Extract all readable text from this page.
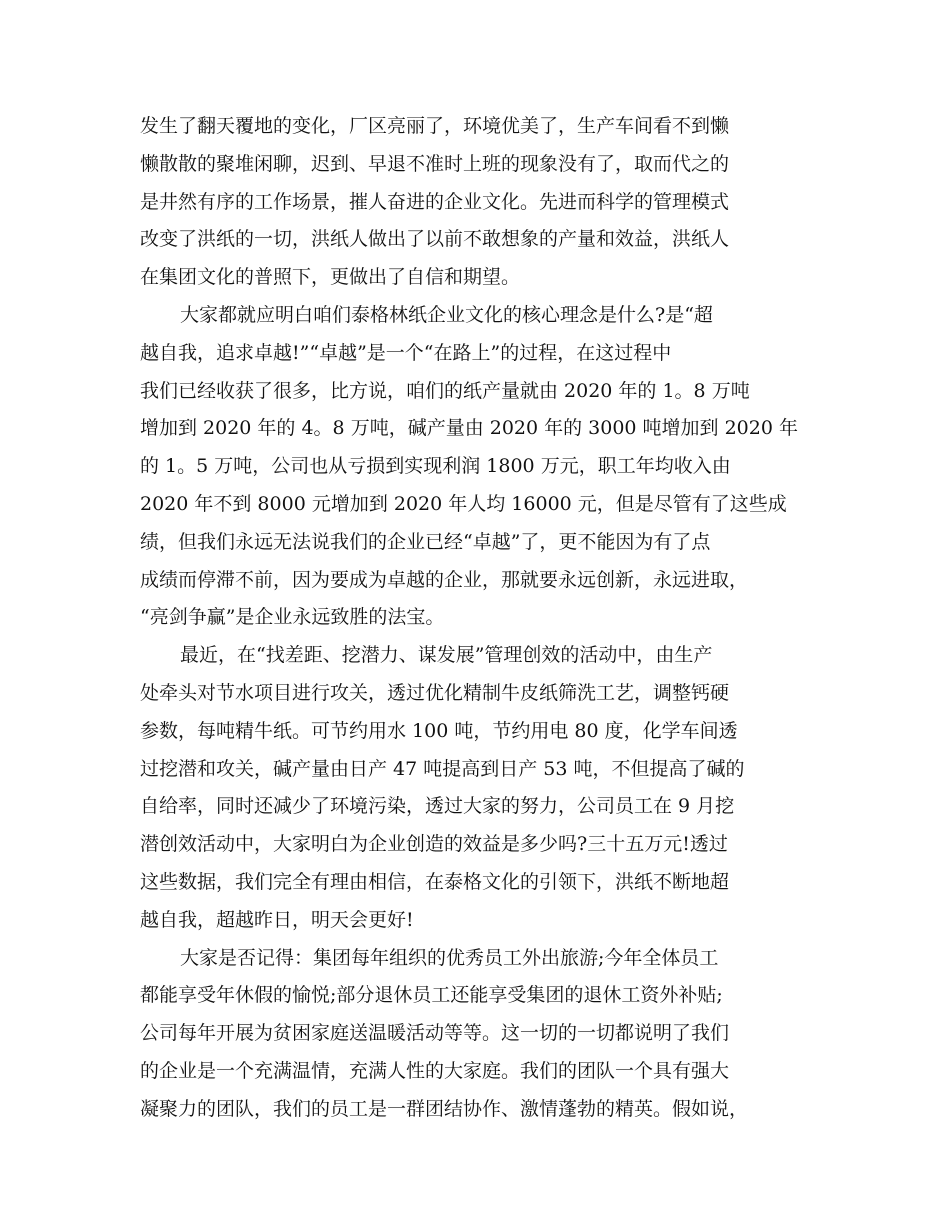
发生了翻天覆地的变化，厂区亮丽了，环境优美了，生产车间看不到懒
懒散散的聚堆闲聊，迟到、早退不准时上班的现象没有了，取而代之的
是井然有序的工作场景，摧人奋进的企业文化。先进而科学的管理模式
改变了洪纸的一切，洪纸人做出了以前不敢想象的产量和效益，洪纸人
在集团文化的普照下，更做出了自信和期望。
大家都就应明白咱们泰格林纸企业文化的核心理念是什么?是“超
越自我，追求卓越!”“卓越”是一个“在路上”的过程，在这过程中
我们已经收获了很多，比方说，咱们的纸产量就由 2020 年的 1。8 万吨
增加到 2020 年的 4。8 万吨，碱产量由 2020 年的 3000 吨增加到 2020 年
的 1。5 万吨，公司也从亏损到实现利润 1800 万元，职工年均收入由
2020 年不到 8000 元增加到 2020 年人均 16000 元，但是尽管有了这些成
绩，但我们永远无法说我们的企业已经“卓越”了，更不能因为有了点
成绩而停滞不前，因为要成为卓越的企业，那就要永远创新，永远进取，
“亮剑争赢”是企业永远致胜的法宝。
最近，在“找差距、挖潜力、谋发展”管理创效的活动中，由生产
处牵头对节水项目进行攻关，透过优化精制牛皮纸筛洗工艺，调整钙硬
参数，每吨精牛纸。可节约用水 100 吨，节约用电 80 度，化学车间透
过挖潜和攻关，碱产量由日产 47 吨提高到日产 53 吨，不但提高了碱的
自给率，同时还减少了环境污染，透过大家的努力，公司员工在 9 月挖
潜创效活动中，大家明白为企业创造的效益是多少吗?三十五万元!透过
这些数据，我们完全有理由相信，在泰格文化的引领下，洪纸不断地超
越自我，超越昨日，明天会更好!
大家是否记得：集团每年组织的优秀员工外出旅游;今年全体员工
都能享受年休假的愉悦;部分退休员工还能享受集团的退休工资外补贴;
公司每年开展为贫困家庭送温暖活动等等。这一切的一切都说明了我们
的企业是一个充满温情，充满人性的大家庭。我们的团队一个具有强大
凝聚力的团队，我们的员工是一群团结协作、激情蓬勃的精英。假如说，
